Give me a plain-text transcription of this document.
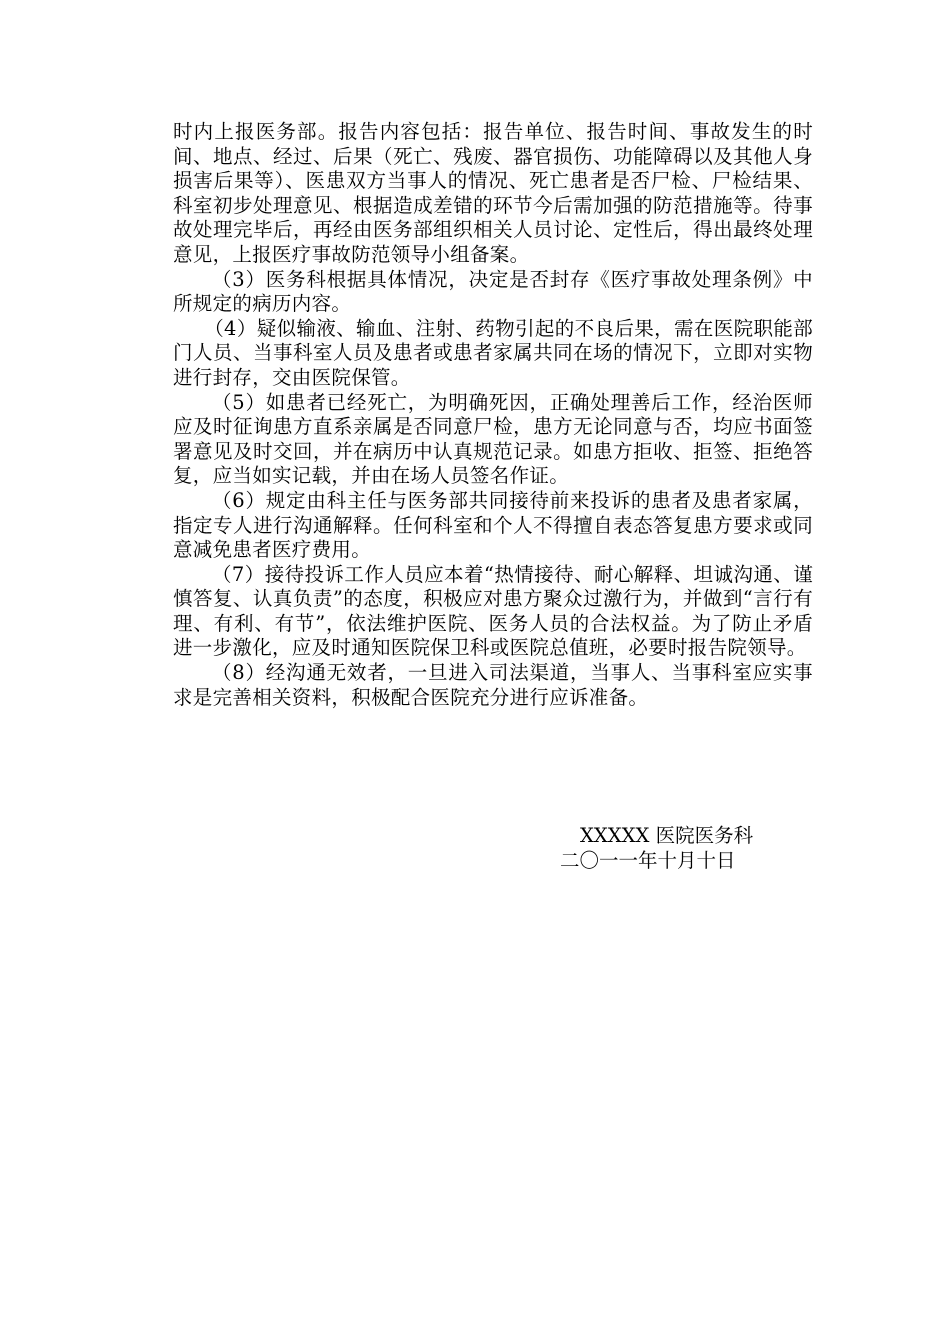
时内上报医务部。报告内容包括：报告单位、报告时间、事故发生的时间、地点、经过、后果（死亡、残废、器官损伤、功能障碍以及其他人身损害后果等）、医患双方当事人的情况、死亡患者是否尸检、尸检结果、科室初步处理意见、根据造成差错的环节今后需加强的防范措施等。待事故处理完毕后，再经由医务部组织相关人员讨论、定性后，得出最终处理意见，上报医疗事故防范领导小组备案。

（3）医务科根据具体情况，决定是否封存《医疗事故处理条例》中所规定的病历内容。

（4）疑似输液、输血、注射、药物引起的不良后果，需在医院职能部门人员、当事科室人员及患者或患者家属共同在场的情况下，立即对实物进行封存，交由医院保管。

（5）如患者已经死亡，为明确死因，正确处理善后工作，经治医师应及时征询患方直系亲属是否同意尸检，患方无论同意与否，均应书面签署意见及时交回，并在病历中认真规范记录。如患方拒收、拒签、拒绝答复，应当如实记载，并由在场人员签名作证。

（6）规定由科主任与医务部共同接待前来投诉的患者及患者家属，指定专人进行沟通解释。任何科室和个人不得擅自表态答复患方要求或同意减免患者医疗费用。

（7）接待投诉工作人员应本着“热情接待、耐心解释、坦诚沟通、谨慎答复、认真负责”的态度，积极应对患方聚众过激行为，并做到“言行有理、有利、有节”，依法维护医院、医务人员的合法权益。为了防止矛盾进一步激化，应及时通知医院保卫科或医院总值班，必要时报告院领导。

（8）经沟通无效者，一旦进入司法渠道，当事人、当事科室应实事求是完善相关资料，积极配合医院充分进行应诉准备。

XXXXX 医院医务科

二〇一一年十月十日
